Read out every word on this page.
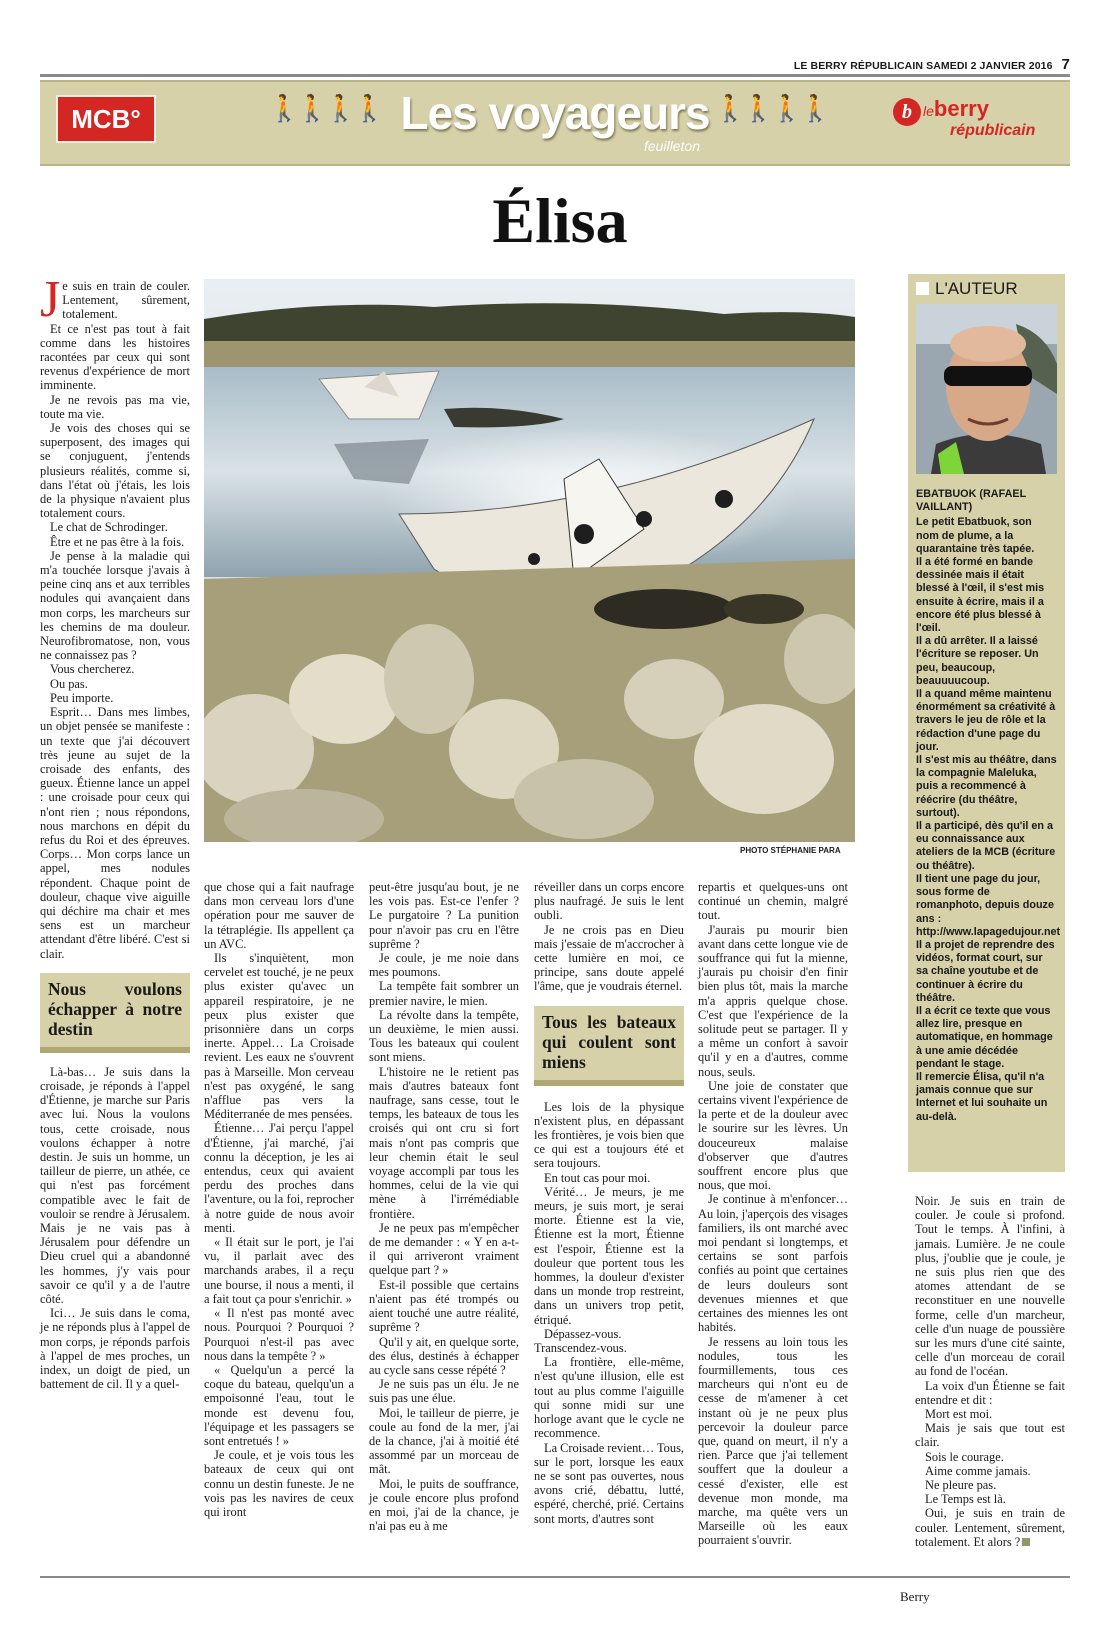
LE BERRY RÉPUBLICAIN SAMEDI 2 JANVIER 2016 7
MCB°	🚶🚶🚶🚶 Les voyageurs
feuilleton
🚶🚶🚶🚶	b leberry
républicain
Élisa
PHOTO STÉPHANIE PARA

Je suis en train de couler. Lentement, sûrement, totalement.

Et ce n'est pas tout à fait comme dans les histoires racontées par ceux qui sont revenus d'expérience de mort imminente.

Je ne revois pas ma vie, toute ma vie.

Je vois des choses qui se superposent, des images qui se conjuguent, j'entends plusieurs réalités, comme si, dans l'état où j'étais, les lois de la physique n'avaient plus totalement cours.

Le chat de Schrodinger.

Être et ne pas être à la fois.

Je pense à la maladie qui m'a touchée lorsque j'avais à peine cinq ans et aux terribles nodules qui avançaient dans mon corps, les marcheurs sur les chemins de ma douleur. Neurofibromatose, non, vous ne connaissez pas ?

Vous chercherez.

Ou pas.

Peu importe.

Esprit… Dans mes limbes, un objet pensée se manifeste : un texte que j'ai découvert très jeune au sujet de la croisade des enfants, des gueux. Étienne lance un appel : une croisade pour ceux qui n'ont rien ; nous répondons, nous marchons en dépit du refus du Roi et des épreuves. Corps… Mon corps lance un appel, mes nodules répondent. Chaque point de douleur, chaque vive aiguille qui déchire ma chair et mes sens est un marcheur attendant d'être libéré. C'est si clair.

Nous voulons échapper à notre destin

Là-bas… Je suis dans la croisade, je réponds à l'appel d'Étienne, je marche sur Paris avec lui. Nous la voulons tous, cette croisade, nous voulons échapper à notre destin. Je suis un homme, un tailleur de pierre, un athée, ce qui n'est pas forcément compatible avec le fait de vouloir se rendre à Jérusalem. Mais je ne vais pas à Jérusalem pour défendre un Dieu cruel qui a abandonné les hommes, j'y vais pour savoir ce qu'il y a de l'autre côté.

Ici… Je suis dans le coma, je ne réponds plus à l'appel de mon corps, je réponds parfois à l'appel de mes proches, un index, un doigt de pied, un battement de cil. Il y a quel-

que chose qui a fait naufrage dans mon cerveau lors d'une opération pour me sauver de la tétraplégie. Ils appellent ça un AVC.

Ils s'inquiètent, mon cervelet est touché, je ne peux plus exister qu'avec un appareil respiratoire, je ne peux plus exister que prisonnière dans un corps inerte. Appel… La Croisade revient. Les eaux ne s'ouvrent pas à Marseille. Mon cerveau n'est pas oxygéné, le sang n'afflue pas vers la Méditerranée de mes pensées.

Étienne… J'ai perçu l'appel d'Étienne, j'ai marché, j'ai connu la déception, je les ai entendus, ceux qui avaient perdu des proches dans l'aventure, ou la foi, reprocher à notre guide de nous avoir menti.

« Il était sur le port, je l'ai vu, il parlait avec des marchands arabes, il a reçu une bourse, il nous a menti, il a fait tout ça pour s'enrichir. »

« Il n'est pas monté avec nous. Pourquoi ? Pourquoi ? Pourquoi n'est-il pas avec nous dans la tempête ? »

« Quelqu'un a percé la coque du bateau, quelqu'un a empoisonné l'eau, tout le monde est devenu fou, l'équipage et les passagers se sont entretués ! »

Je coule, et je vois tous les bateaux de ceux qui ont connu un destin funeste. Je ne vois pas les navires de ceux qui iront

peut-être jusqu'au bout, je ne les vois pas. Est-ce l'enfer ? Le purgatoire ? La punition pour n'avoir pas cru en l'être suprême ?

Je coule, je me noie dans mes poumons.

La tempête fait sombrer un premier navire, le mien.

La révolte dans la tempête, un deuxième, le mien aussi. Tous les bateaux qui coulent sont miens.

L'histoire ne le retient pas mais d'autres bateaux font naufrage, sans cesse, tout le temps, les bateaux de tous les croisés qui ont cru si fort mais n'ont pas compris que leur chemin était le seul voyage accompli par tous les hommes, celui de la vie qui mène à l'irrémédiable frontière.

Je ne peux pas m'empêcher de me demander : « Y en a-t-il qui arriveront vraiment quelque part ? »

Est-il possible que certains n'aient pas été trompés ou aient touché une autre réalité, suprême ?

Qu'il y ait, en quelque sorte, des élus, destinés à échapper au cycle sans cesse répété ?

Je ne suis pas un élu. Je ne suis pas une élue.

Moi, le tailleur de pierre, je coule au fond de la mer, j'ai de la chance, j'ai à moitié été assommé par un morceau de mât.

Moi, le puits de souffrance, je coule encore plus profond en moi, j'ai de la chance, je n'ai pas eu à me

réveiller dans un corps encore plus naufragé. Je suis le lent oubli.

Je ne crois pas en Dieu mais j'essaie de m'accrocher à cette lumière en moi, ce principe, sans doute appelé l'âme, que je voudrais éternel.

Tous les bateaux qui coulent sont miens

Les lois de la physique n'existent plus, en dépassant les frontières, je vois bien que ce qui est a toujours été et sera toujours.

En tout cas pour moi.

Vérité… Je meurs, je me meurs, je suis mort, je serai morte. Étienne est la vie, Étienne est la mort, Étienne est l'espoir, Étienne est la douleur que portent tous les hommes, la douleur d'exister dans un monde trop restreint, dans un univers trop petit, étriqué.

Dépassez-vous. Transcendez-vous.

La frontière, elle-même, n'est qu'une illusion, elle est tout au plus comme l'aiguille qui sonne midi sur une horloge avant que le cycle ne recommence.

La Croisade revient… Tous, sur le port, lorsque les eaux ne se sont pas ouvertes, nous avons crié, débattu, lutté, espéré, cherché, prié. Certains sont morts, d'autres sont

repartis et quelques-uns ont continué un chemin, malgré tout.

J'aurais pu mourir bien avant dans cette longue vie de souffrance qui fut la mienne, j'aurais pu choisir d'en finir bien plus tôt, mais la marche m'a appris quelque chose. C'est que l'expérience de la solitude peut se partager. Il y a même un confort à savoir qu'il y en a d'autres, comme nous, seuls.

Une joie de constater que certains vivent l'expérience de la perte et de la douleur avec le sourire sur les lèvres. Un douceureux malaise d'observer que d'autres souffrent encore plus que nous, que moi.

Je continue à m'enfoncer… Au loin, j'aperçois des visages familiers, ils ont marché avec moi pendant si longtemps, et certains se sont parfois confiés au point que certaines de leurs douleurs sont devenues miennes et que certaines des miennes les ont habités.

Je ressens au loin tous les nodules, tous les fourmillements, tous ces marcheurs qui n'ont eu de cesse de m'amener à cet instant où je ne peux plus percevoir la douleur parce que, quand on meurt, il n'y a rien. Parce que j'ai tellement souffert que la douleur a cessé d'exister, elle est devenue mon monde, ma marche, ma quête vers un Marseille où les eaux pourraient s'ouvrir.

L'AUTEUR

EBATBUOK (RAFAEL VAILLANT)

Le petit Ebatbuok, son nom de plume, a la quarantaine très tapée.

Il a été formé en bande dessinée mais il était blessé à l'œil, il s'est mis ensuite à écrire, mais il a encore été plus blessé à l'œil.

Il a dû arrêter. Il a laissé l'écriture se reposer. Un peu, beaucoup, beauuuucoup.

Il a quand même maintenu énormément sa créativité à travers le jeu de rôle et la rédaction d'une page du jour.

Il s'est mis au théâtre, dans la compagnie Maleluka, puis a recommencé à réécrire (du théâtre, surtout).

Il a participé, dès qu'il en a eu connaissance aux ateliers de la MCB (écriture ou théâtre).

Il tient une page du jour, sous forme de romanphoto, depuis douze ans : http://www.lapagedujour.net

Il a projet de reprendre des vidéos, format court, sur sa chaîne youtube et de continuer à écrire du théâtre.

Il a écrit ce texte que vous allez lire, presque en automatique, en hommage à une amie décédée pendant le stage.

Il remercie Élisa, qu'il n'a jamais connue que sur Internet et lui souhaite un au-delà.

Noir. Je suis en train de couler. Je coule si profond. Tout le temps. À l'infini, à jamais. Lumière. Je ne coule plus, j'oublie que je coule, je ne suis plus rien que des atomes attendant de se reconstituer en une nouvelle forme, celle d'un marcheur, celle d'un nuage de poussière sur les murs d'une cité sainte, celle d'un morceau de corail au fond de l'océan.

La voix d'un Étienne se fait entendre et dit :

Mort est moi.

Mais je sais que tout est clair.

Sois le courage.

Aime comme jamais.

Ne pleure pas.

Le Temps est là.

Oui, je suis en train de couler. Lentement, sûrement, totalement. Et alors ?

Berry
